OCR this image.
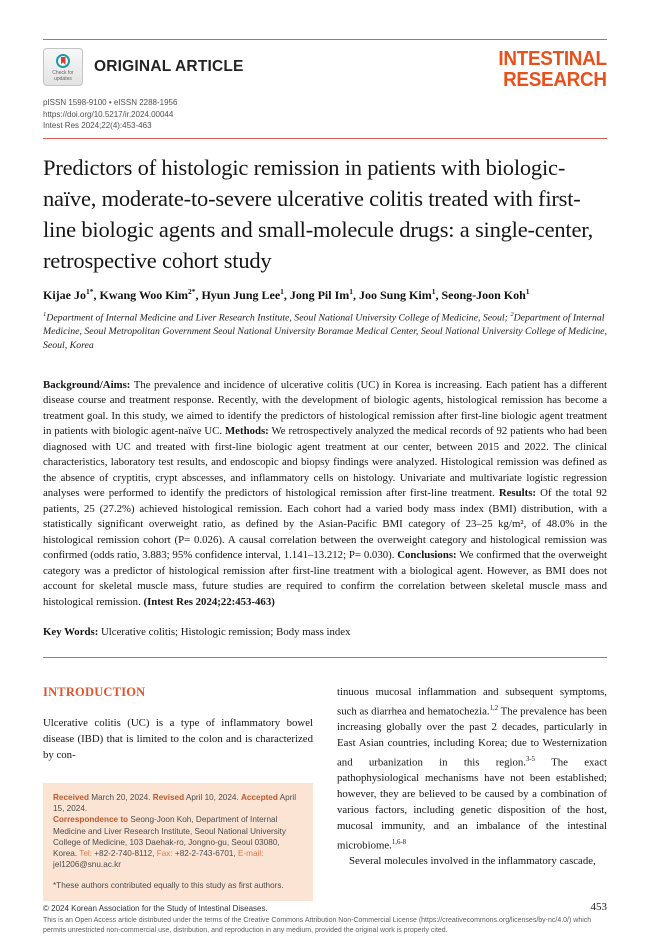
Check for
updates
ORIGINAL ARTICLE	INTESTINAL
RESEARCH
pISSN 1598-9100 • eISSN 2288-1956
https://doi.org/10.5217/ir.2024.00044
Intest Res 2024;22(4):453-463
Predictors of histologic remission in patients with biologic-naïve, moderate-to-severe ulcerative colitis treated with first-line biologic agents and small-molecule drugs: a single-center, retrospective cohort study
Kijae $Jo^{1*}$, Kwang Woo Kim$^{2*}$, Hyun Jung Lee$^1$, Jong Pil Im$^1$, Joo Sung Kim$^1$, Seong-Joon Koh$^1$
$^1$Department of Internal Medicine and Liver Research Institute, Seoul National University College of Medicine, Seoul; $^2$Department of Internal Medicine, Seoul Metropolitan Government Seoul National University Boramae Medical Center, Seoul National University College of Medicine, Seoul, Korea

Background/Aims: The prevalence and incidence of ulcerative colitis (UC) in Korea is increasing. Each patient has a different disease course and treatment response. Recently, with the development of biologic agents, histological remission has become a treatment goal. In this study, we aimed to identify the predictors of histological remission after first-line biologic agent treatment in patients with biologic agent-naïve UC. Methods: We retrospectively analyzed the medical records of 92 patients who had been diagnosed with UC and treated with first-line biologic agent treatment at our center, between 2015 and 2022. The clinical characteristics, laboratory test results, and endoscopic and biopsy findings were analyzed. Histological remission was defined as the absence of cryptitis, crypt abscesses, and inflammatory cells on histology. Univariate and multivariate logistic regression analyses were performed to identify the predictors of histological remission after first-line treatment. Results: Of the total 92 patients, 25 (27.2%) achieved histological remission. Each cohort had a varied body mass index (BMI) distribution, with a statistically significant overweight ratio, as defined by the Asian-Pacific BMI category of 23–25 kg/m², of 48.0% in the histological remission cohort (P= 0.026). A causal correlation between the overweight category and histological remission was confirmed (odds ratio, 3.883; 95% confidence interval, 1.141–13.212; P= 0.030). Conclusions: We confirmed that the overweight category was a predictor of histological remission after first-line treatment with a biological agent. However, as BMI does not account for skeletal muscle mass, future studies are required to confirm the correlation between skeletal muscle mass and histological remission. (Intest Res 2024;22:453-463)

Key Words: Ulcerative colitis; Histologic remission; Body mass index

INTRODUCTION

Ulcerative colitis (UC) is a type of inflammatory bowel disease (IBD) that is limited to the colon and is characterized by con-

Received March 20, 2024. Revised April 10, 2024. Accepted April 15, 2024.
Correspondence to Seong-Joon Koh, Department of Internal Medicine and Liver Research Institute, Seoul National University College of Medicine, 103 Daehak-ro, Jongno-gu, Seoul 03080, Korea. Tel: +82-2-740-8112, Fax: +82-2-743-6701, E-mail: jel1206@snu.ac.kr
*These authors contributed equally to this study as first authors.

tinuous mucosal inflammation and subsequent symptoms, such as diarrhea and hematochezia.$^{1,2}$ The prevalence has been increasing globally over the past 2 decades, particularly in East Asian countries, including Korea; due to Westernization and urbanization in this region.$^{3-5}$ The exact pathophysiological mechanisms have not been established; however, they are believed to be caused by a combination of various factors, including genetic disposition of the host, mucosal immunity, and an imbalance of the intestinal microbiome.$^{1,6-8}$

Several molecules involved in the inflammatory cascade,

© 2024 Korean Association for the Study of Intestinal Diseases.	453
This is an Open Access article distributed under the terms of the Creative Commons Attribution Non-Commercial License (https://creativecommons.org/licenses/by-nc/4.0/) which permits unrestricted non-commercial use, distribution, and reproduction in any medium, provided the original work is properly cited.
